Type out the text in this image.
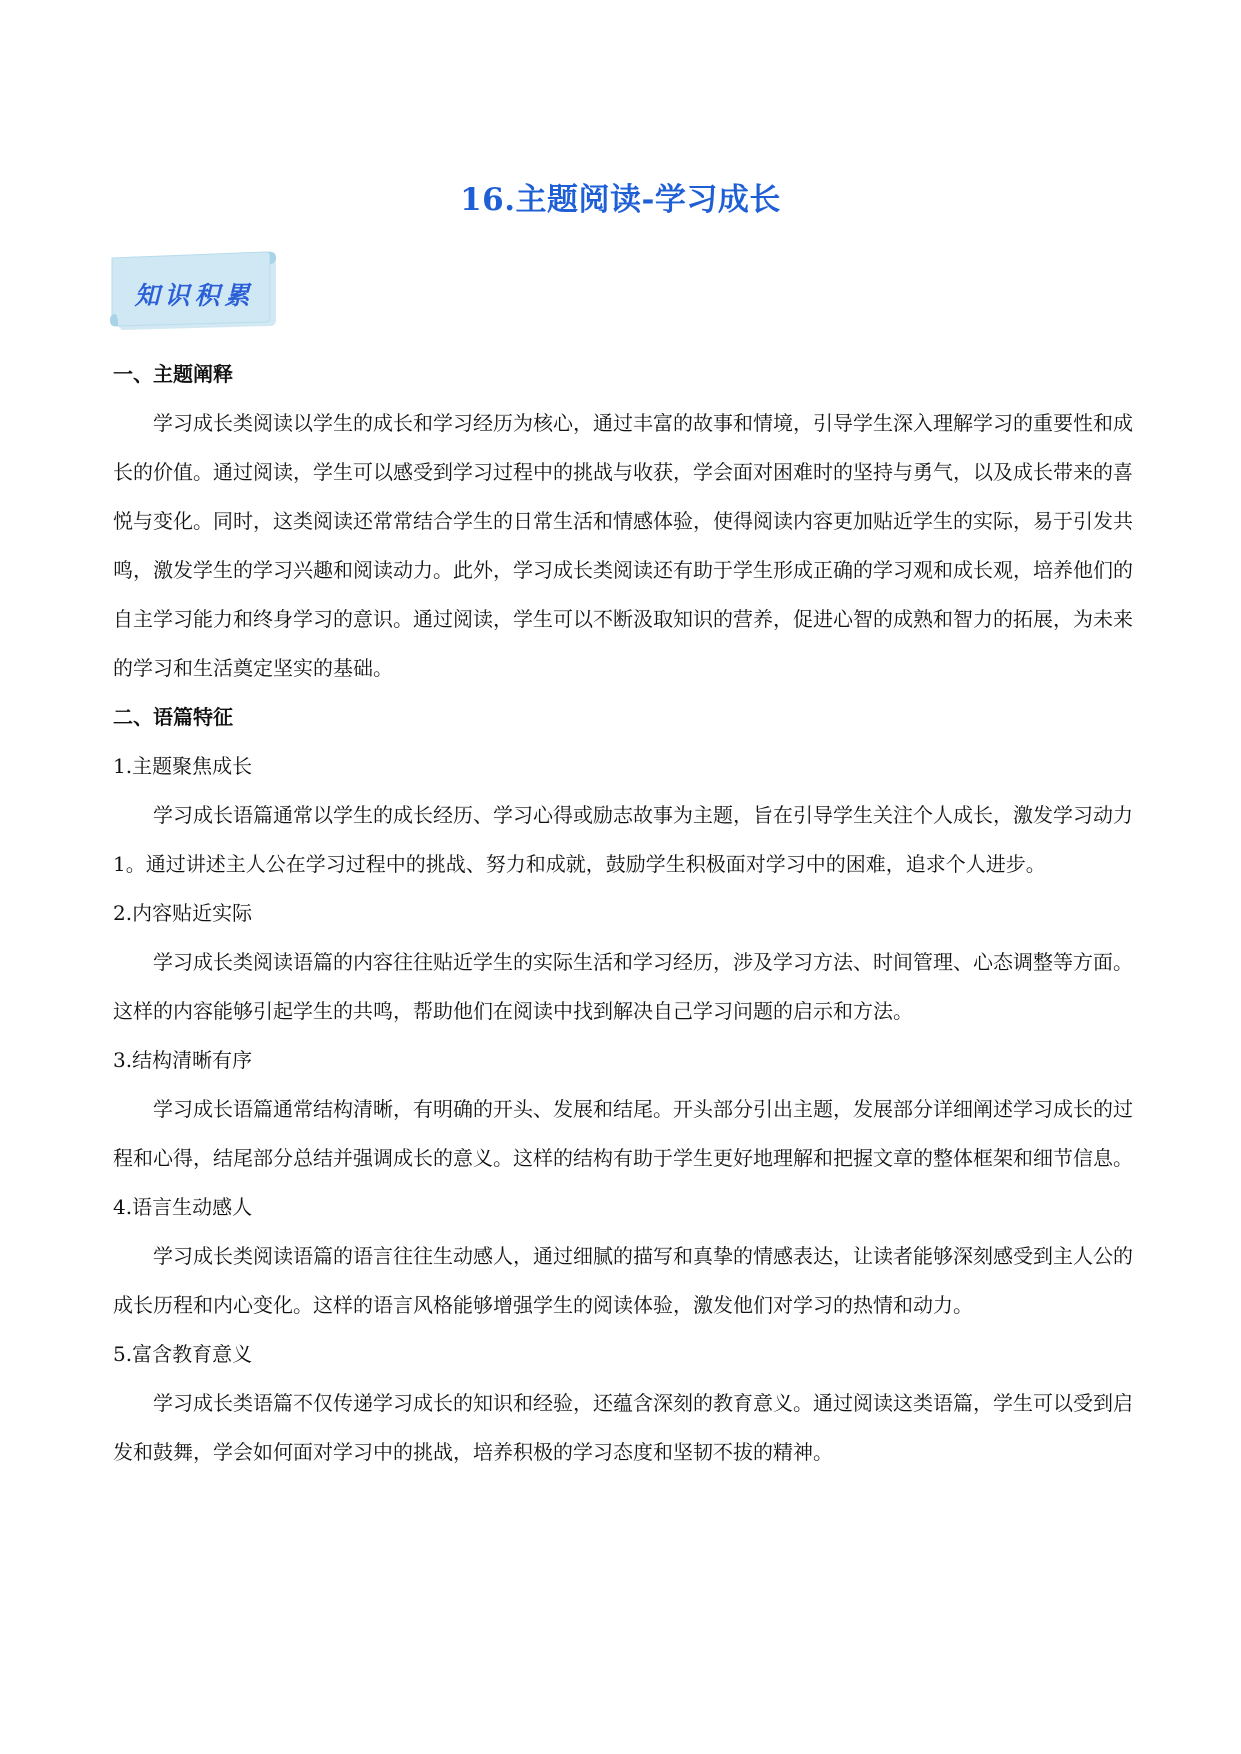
16.主题阅读-学习成长
知识积累
一、主题阐释

学习成长类阅读以学生的成长和学习经历为核心，通过丰富的故事和情境，引导学生深入理解学习的重要性和成长的价值。通过阅读，学生可以感受到学习过程中的挑战与收获，学会面对困难时的坚持与勇气，以及成长带来的喜悦与变化。同时，这类阅读还常常结合学生的日常生活和情感体验，使得阅读内容更加贴近学生的实际，易于引发共鸣，激发学生的学习兴趣和阅读动力。此外，学习成长类阅读还有助于学生形成正确的学习观和成长观，培养他们的自主学习能力和终身学习的意识。通过阅读，学生可以不断汲取知识的营养，促进心智的成熟和智力的拓展，为未来的学习和生活奠定坚实的基础。

二、语篇特征
1.主题聚焦成长

学习成长语篇通常以学生的成长经历、学习心得或励志故事为主题，旨在引导学生关注个人成长，激发学习动力1。通过讲述主人公在学习过程中的挑战、努力和成就，鼓励学生积极面对学习中的困难，追求个人进步。

2.内容贴近实际

学习成长类阅读语篇的内容往往贴近学生的实际生活和学习经历，涉及学习方法、时间管理、心态调整等方面。这样的内容能够引起学生的共鸣，帮助他们在阅读中找到解决自己学习问题的启示和方法。

3.结构清晰有序

学习成长语篇通常结构清晰，有明确的开头、发展和结尾。开头部分引出主题，发展部分详细阐述学习成长的过程和心得，结尾部分总结并强调成长的意义。这样的结构有助于学生更好地理解和把握文章的整体框架和细节信息。

4.语言生动感人

学习成长类阅读语篇的语言往往生动感人，通过细腻的描写和真挚的情感表达，让读者能够深刻感受到主人公的成长历程和内心变化。这样的语言风格能够增强学生的阅读体验，激发他们对学习的热情和动力。

5.富含教育意义

学习成长类语篇不仅传递学习成长的知识和经验，还蕴含深刻的教育意义。通过阅读这类语篇，学生可以受到启发和鼓舞，学会如何面对学习中的挑战，培养积极的学习态度和坚韧不拔的精神。
